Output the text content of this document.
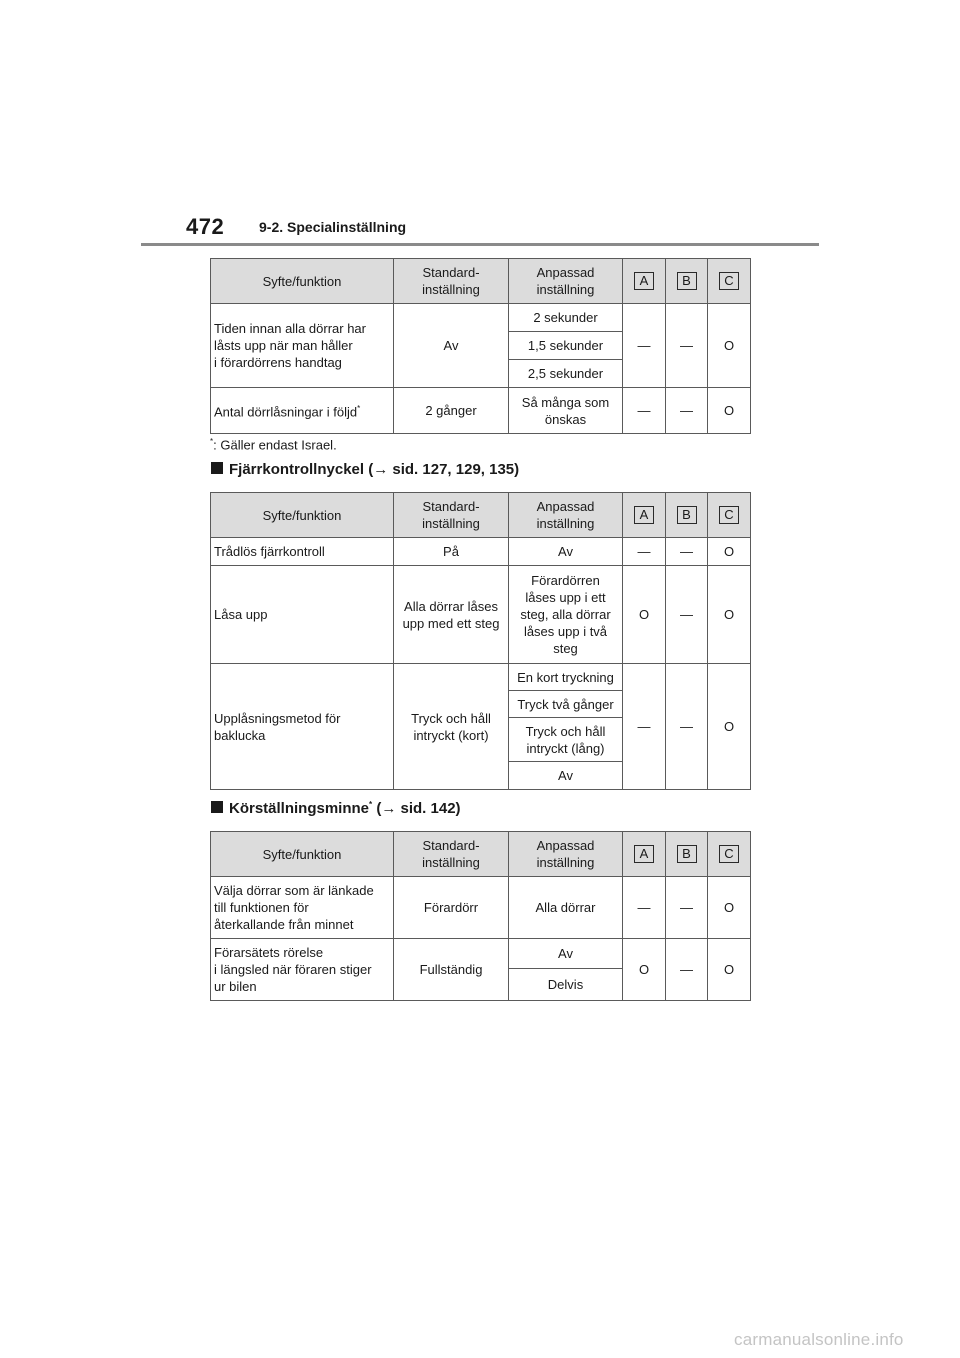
472 9-2. Specialinställning
Syfte/funktion	Standard-
inställning	Anpassad
inställning	A	B	C
Tiden innan alla dörrar har
låsts upp när man håller
i förardörrens handtag	Av	2 sekunder	—	—	O
		1,5 sekunder			
		2,5 sekunder			
Antal dörrlåsningar i följd*	2 gånger	Så många som
önskas	—	—	O
*: Gäller endast Israel.
Fjärrkontrollnyckel (→ sid. 127, 129, 135)
Syfte/funktion	Standard-
inställning	Anpassad
inställning	A	B	C
Trådlös fjärrkontroll	På	Av	—	—	O
Låsa upp	Alla dörrar låses
upp med ett steg	Förardörren
låses upp i ett
steg, alla dörrar
låses upp i två
steg	O	—	O
Upplåsningsmetod för
baklucka	Tryck och håll
intryckt (kort)	En kort tryckning	—	—	O
		Tryck två gånger			
		Tryck och håll
intryckt (lång)			
		Av			
Körställningsminne* (→ sid. 142)
Syfte/funktion	Standard-
inställning	Anpassad
inställning	A	B	C
Välja dörrar som är länkade
till funktionen för
återkallande från minnet	Förardörr	Alla dörrar	—	—	O
Förarsätets rörelse
i längsled när föraren stiger
ur bilen	Fullständig	Av	O	—	O
		Delvis			
carmanualsonline.info
